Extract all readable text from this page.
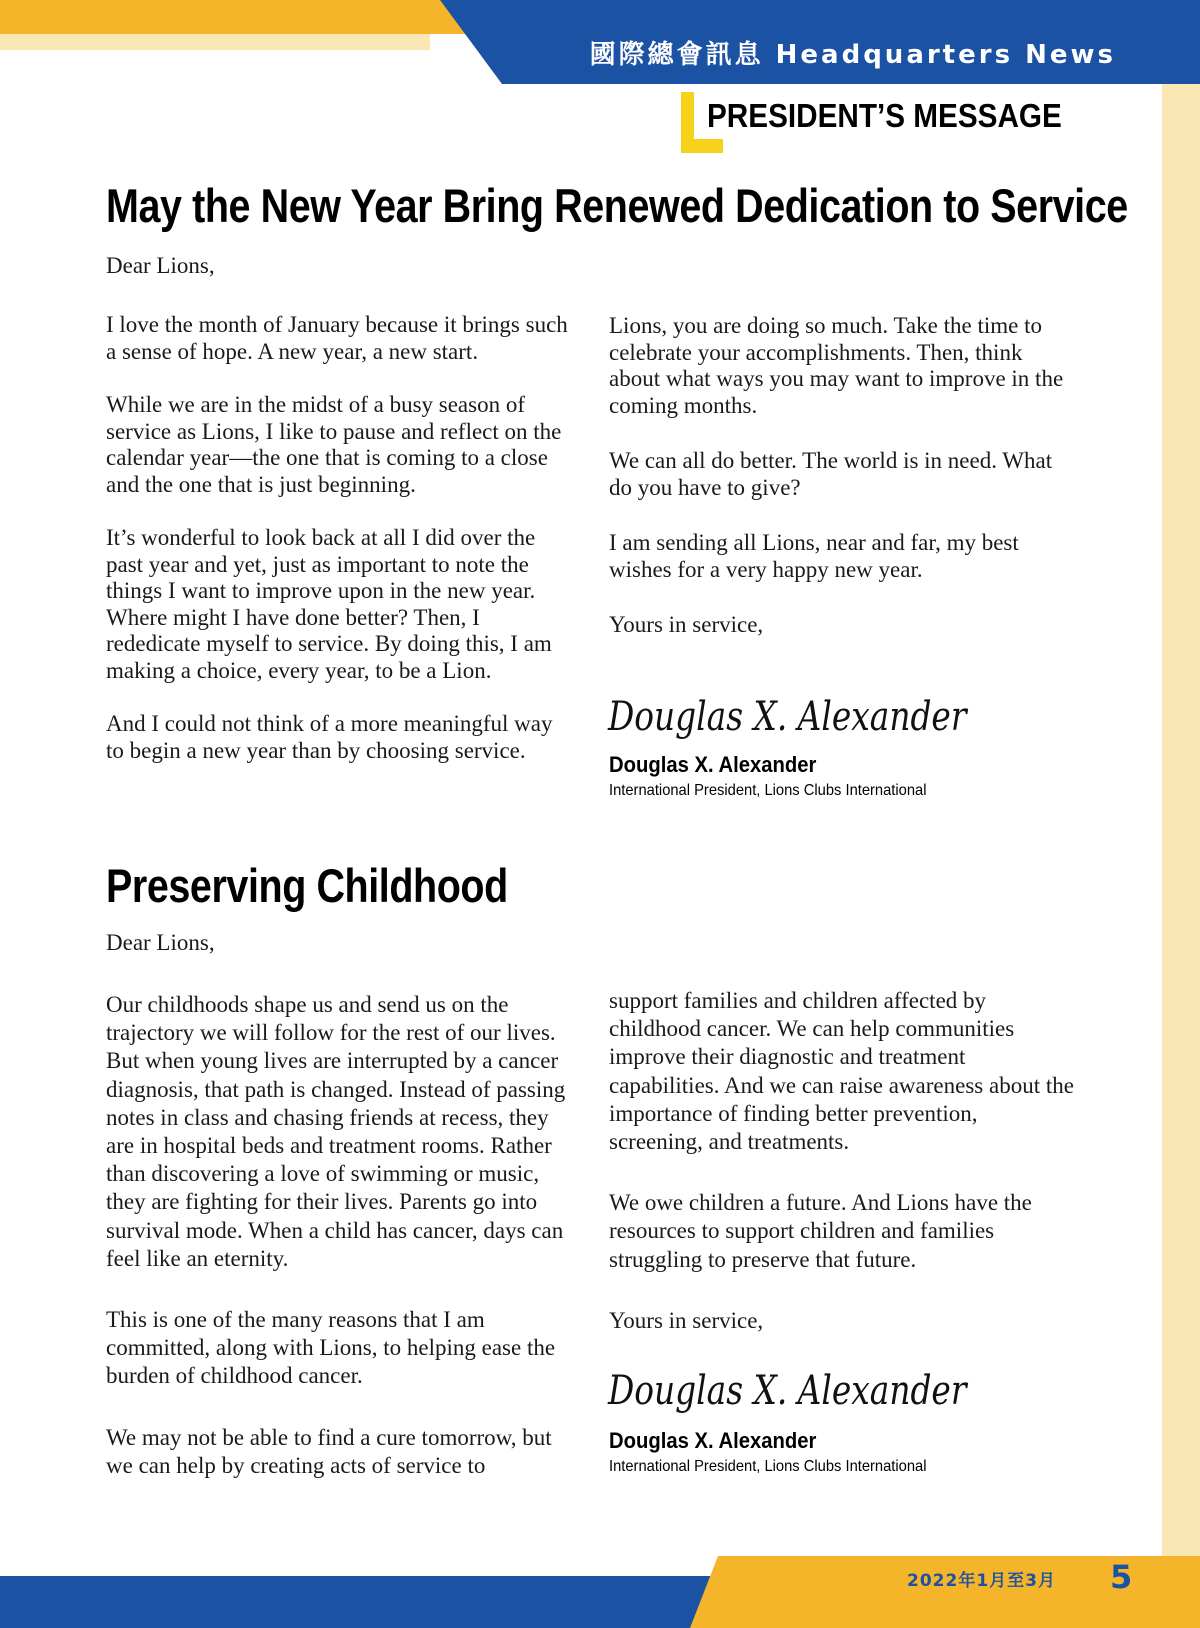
國際總會訊息 Headquarters News
PRESIDENT’S MESSAGE
May the New Year Bring Renewed Dedication to Service
Dear Lions,

I love the month of January because it brings such a sense of hope. A new year, a new start.

While we are in the midst of a busy season of service as Lions, I like to pause and reflect on the calendar year—the one that is coming to a close and the one that is just beginning.

It’s wonderful to look back at all I did over the past year and yet, just as important to note the things I want to improve upon in the new year. Where might I have done better? Then, I rededicate myself to service. By doing this, I am making a choice, every year, to be a Lion.

And I could not think of a more meaningful way to begin a new year than by choosing service.

Lions, you are doing so much. Take the time to celebrate your accomplishments. Then, think about what ways you may want to improve in the coming months.

We can all do better. The world is in need. What do you have to give?

I am sending all Lions, near and far, my best wishes for a very happy new year.

Yours in service,

Douglas X. Alexander
Douglas X. Alexander
International President, Lions Clubs International
Preserving Childhood
Dear Lions,

Our childhoods shape us and send us on the trajectory we will follow for the rest of our lives. But when young lives are interrupted by a cancer diagnosis, that path is changed. Instead of passing notes in class and chasing friends at recess, they are in hospital beds and treatment rooms. Rather than discovering a love of swimming or music, they are fighting for their lives. Parents go into survival mode. When a child has cancer, days can feel like an eternity.

This is one of the many reasons that I am committed, along with Lions, to helping ease the burden of childhood cancer.

We may not be able to find a cure tomorrow, but we can help by creating acts of service to

support families and children affected by childhood cancer. We can help communities improve their diagnostic and treatment capabilities. And we can raise awareness about the importance of finding better prevention, screening, and treatments.

We owe children a future. And Lions have the resources to support children and families struggling to preserve that future.

Yours in service,

Douglas X. Alexander
Douglas X. Alexander
International President, Lions Clubs International
2022年1月至3月 5
